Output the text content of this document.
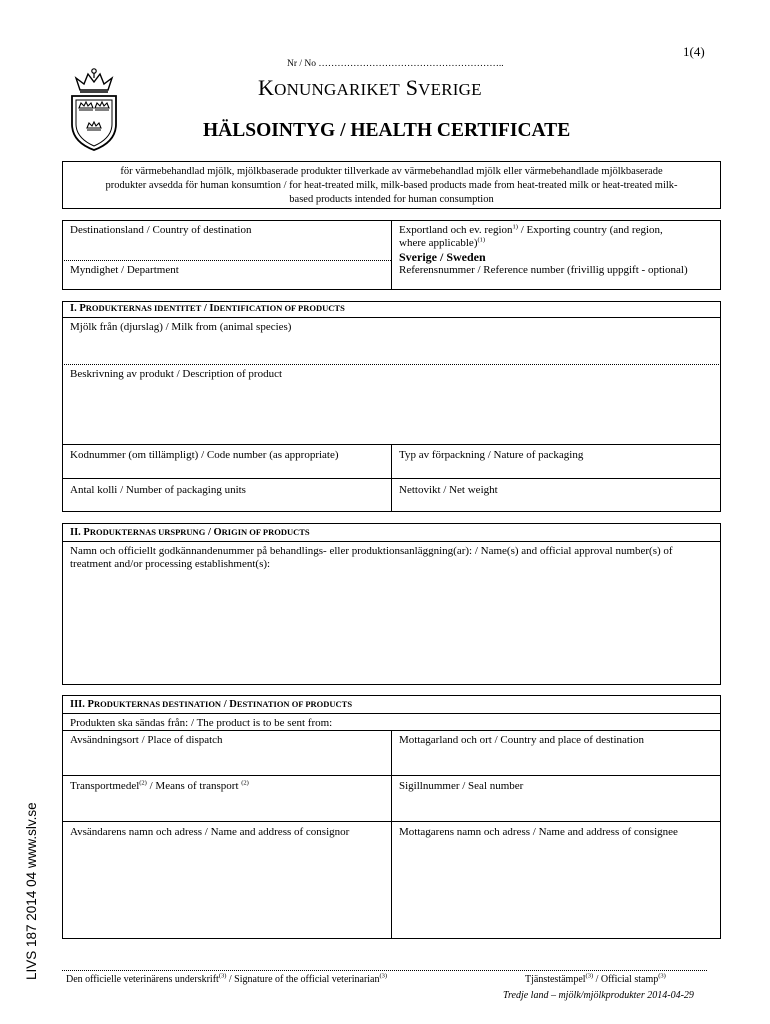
1(4)
Nr / No …………………………………………………..
KONUNGARIKET SVERIGE
HÄLSOINTYG / HEALTH CERTIFICATE
för värmebehandlad mjölk, mjölkbaserade produkter tillverkade av värmebehandlad mjölk eller värmebehandlade mjölkbaserade
produkter avsedda för human konsumtion / for heat-treated milk, milk-based products made from heat-treated milk or heat-treated milk-
based products intended for human consumption
Destinationsland / Country of destination	Exportland och ev. region$^{1)}$ / Exporting country (and region,
where applicable)$^{(1)}$
Sverige / Sweden
Myndighet / Department	Referensnummer / Reference number (frivillig uppgift - optional)
I. PRODUKTERNAS IDENTITET / IDENTIFICATION OF PRODUCTS
Mjölk från (djurslag) / Milk from (animal species)
Beskrivning av produkt / Description of product
Kodnummer (om tillämpligt) / Code number (as appropriate)	Typ av förpackning / Nature of packaging
Antal kolli / Number of packaging units	Nettovikt / Net weight
II. PRODUKTERNAS URSPRUNG / ORIGIN OF PRODUCTS
Namn och officiellt godkännandenummer på behandlings- eller produktionsanläggning(ar): / Name(s) and official approval number(s) of
treatment and/or processing establishment(s):
III. PRODUKTERNAS DESTINATION / DESTINATION OF PRODUCTS
Produkten ska sändas från: / The product is to be sent from:
Avsändningsort / Place of dispatch	Mottagarland och ort / Country and place of destination
Transportmedel$^{(2)}$ / Means of transport $^{(2)}$	Sigillnummer / Seal number
Avsändarens namn och adress / Name and address of consignor	Mottagarens namn och adress / Name and address of consignee
Den officielle veterinärens underskrift$^{(3)}$ / Signature of the official veterinarian$^{(3)}$	Tjänstestämpel$^{(3)}$ / Official stamp$^{(3)}$
Tredje land – mjölk/mjölkprodukter 2014-04-29
LIVS 187 2014 04 www.slv.se
